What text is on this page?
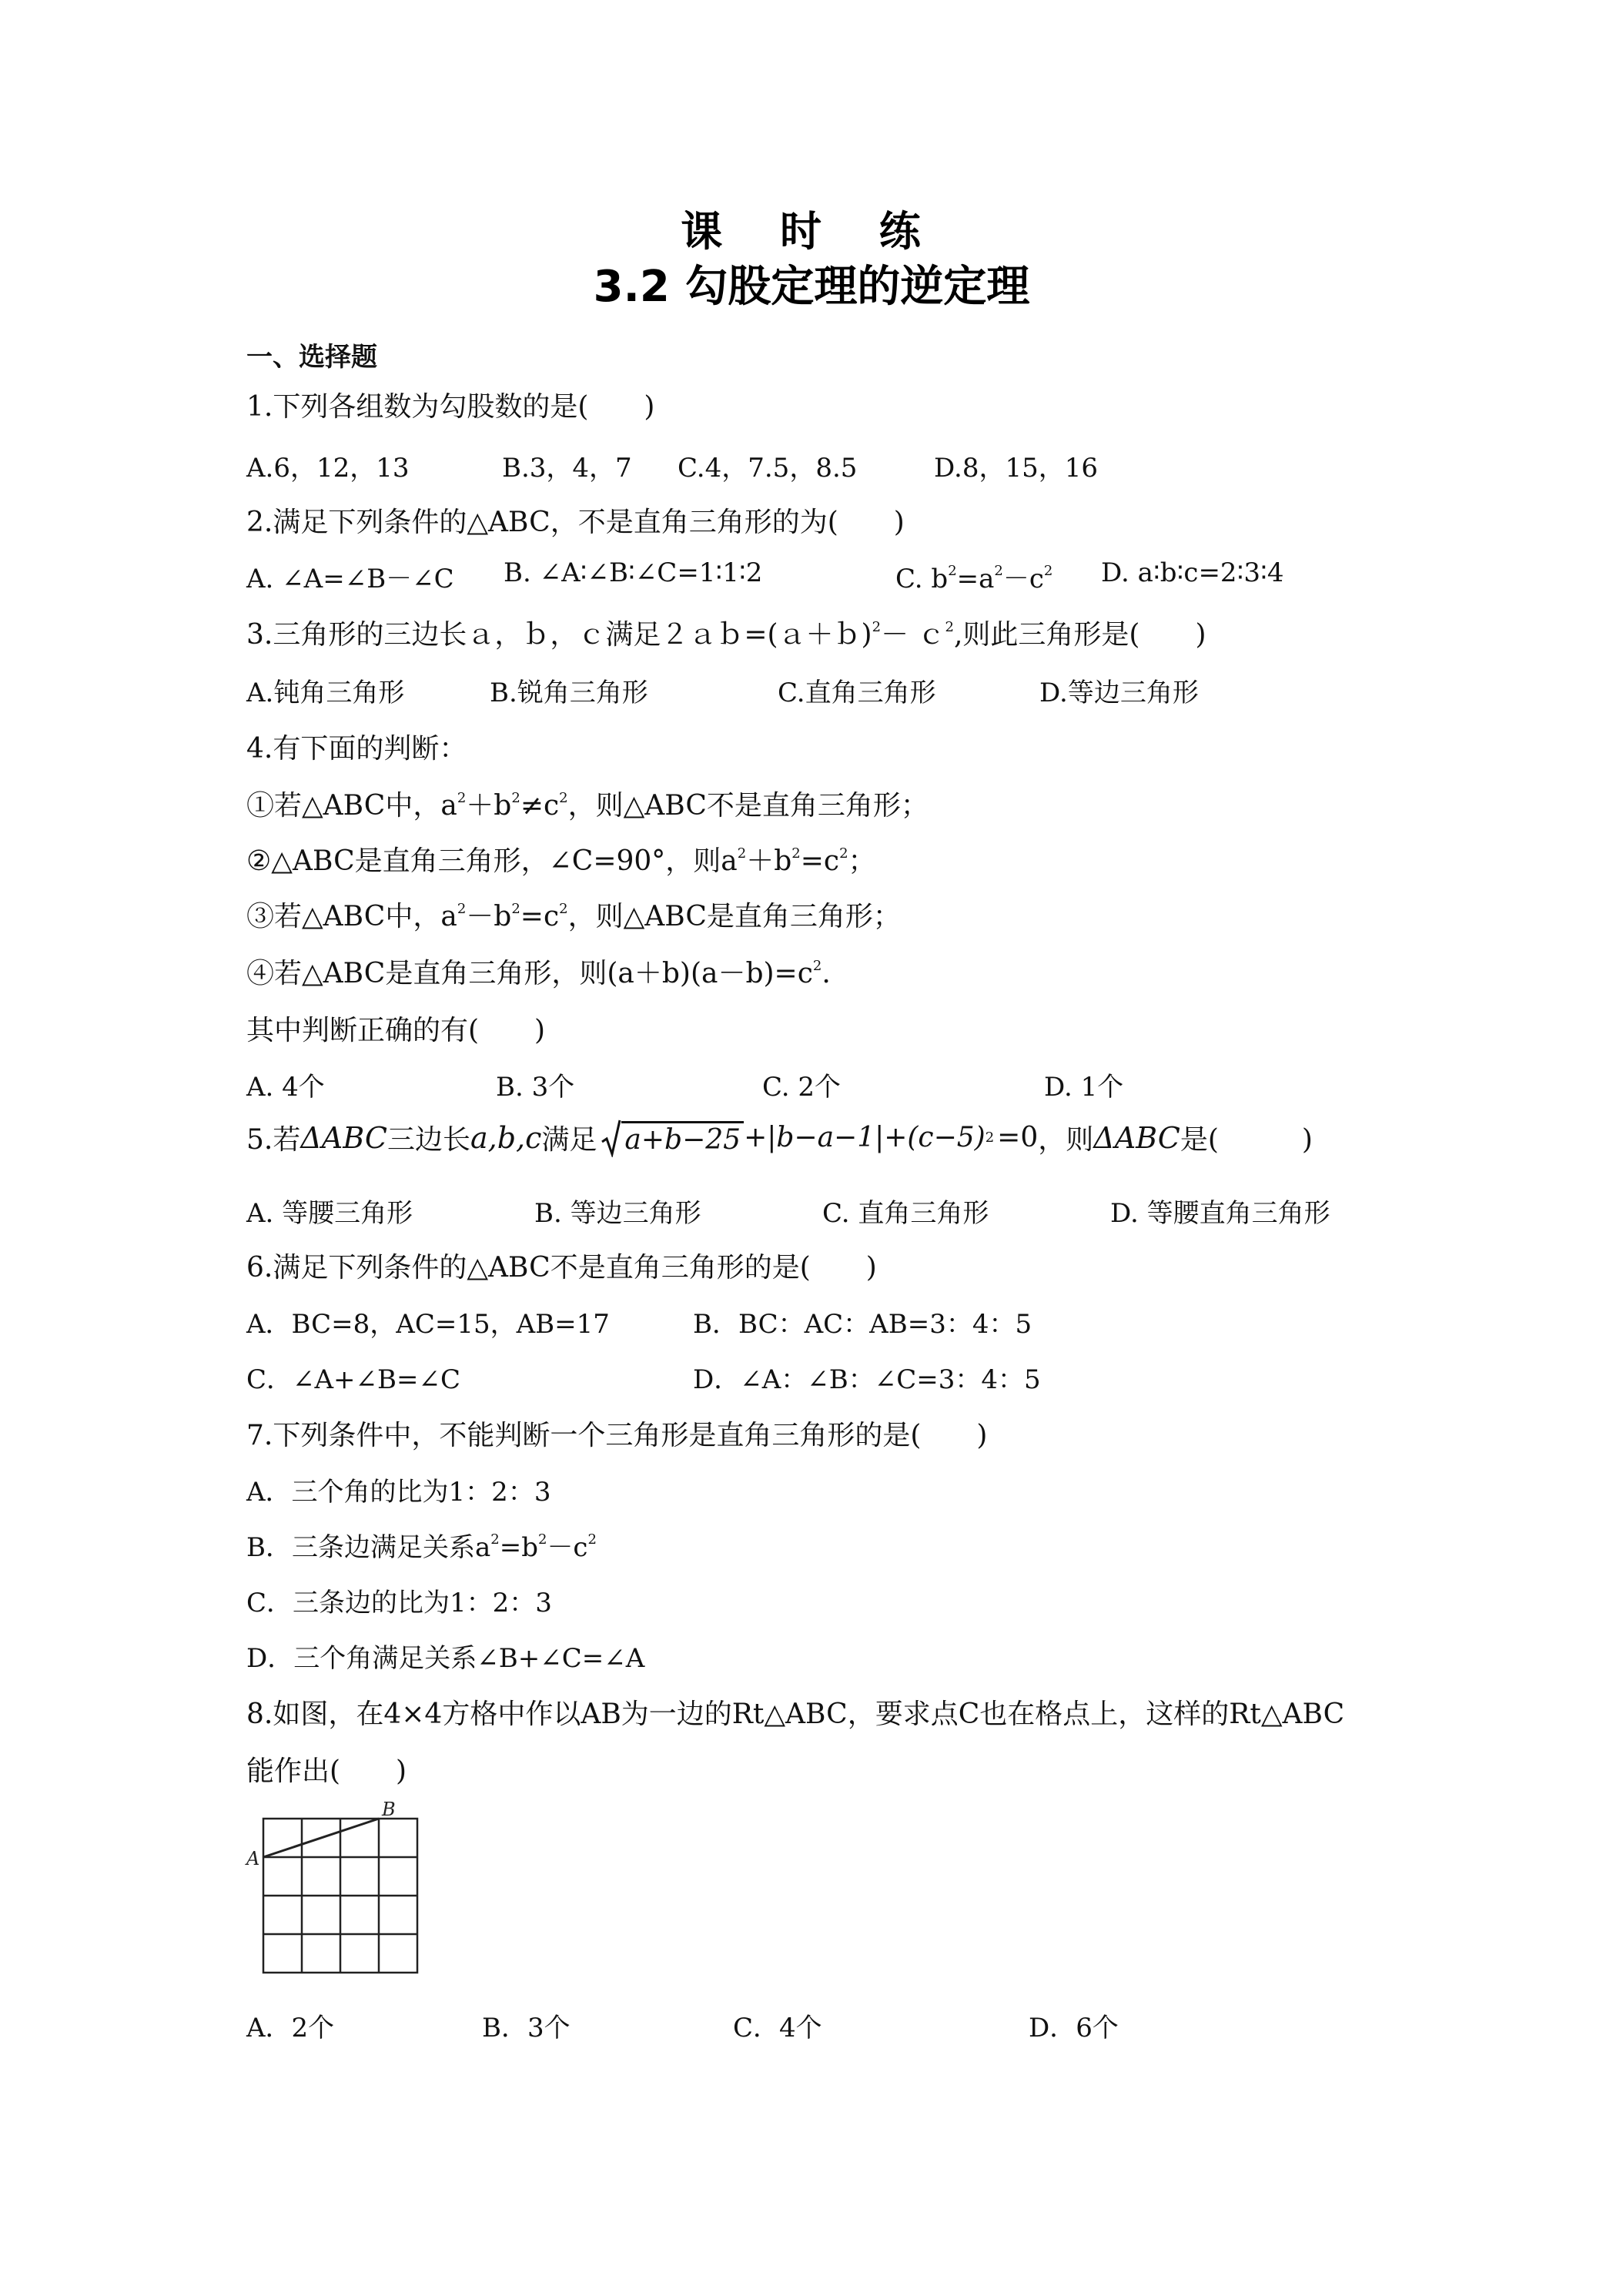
课 时 练
3.2 勾股定理的逆定理
一、选择题
1.下列各组数为勾股数的是(　　)
A.6，12，13	B.3，4，7 C.4，7.5，8.5	D.8，15，16
2.满足下列条件的△ABC，不是直角三角形的为(　　)
A. ∠A=∠B－∠C B. ∠A∶∠B∶∠C=1∶1∶2	C. $b^2=a^2-c^2$ D. a∶b∶c=2∶3∶4
3.三角形的三边长ａ，ｂ，ｃ满足２ａｂ=(ａ＋ｂ)$^2$－ ｃ$^2$,则此三角形是(　　)
A.钝角三角形	B.锐角三角形	C.直角三角形	D.等边三角形
4.有下面的判断：
①若△ABC中，$a^2+b^2\ne c^2$，则△ABC不是直角三角形；
②△ABC是直角三角形，∠C=90°，则$a^2+b^2=c^2$；
③若△ABC中，$a^2-b^2=c^2$，则△ABC是直角三角形；
④若△ABC是直角三角形，则$(a+b)(a-b)=c^2$.
其中判断正确的有(　　)
A. 4个	B. 3个	C. 2个	D. 1个
5.若 ΔABC 三边长 a,b,c 满足 a+b−25 +|b−a−1|+(c−5) 2 =0 ，则 ΔABC 是(　　　)
A. 等腰三角形	B. 等边三角形	C. 直角三角形	D. 等腰直角三角形
6.满足下列条件的△ABC不是直角三角形的是(　　)
A．BC=8，AC=15，AB=17	B．BC：AC：AB=3：4：5
C．∠A+∠B=∠C	D．∠A：∠B：∠C=3：4：5
7.下列条件中，不能判断一个三角形是直角三角形的是(　　)
A．三个角的比为1：2：3
B．三条边满足关系$a^2=b^2-c^2$
C．三条边的比为1：2：3
D．三个角满足关系∠B+∠C=∠A
8.如图，在4×4方格中作以AB为一边的Rt△ABC，要求点C也在格点上，这样的Rt△ABC
能作出(　　)
A
B
A．2个	B．3个	C．4个	D．6个
